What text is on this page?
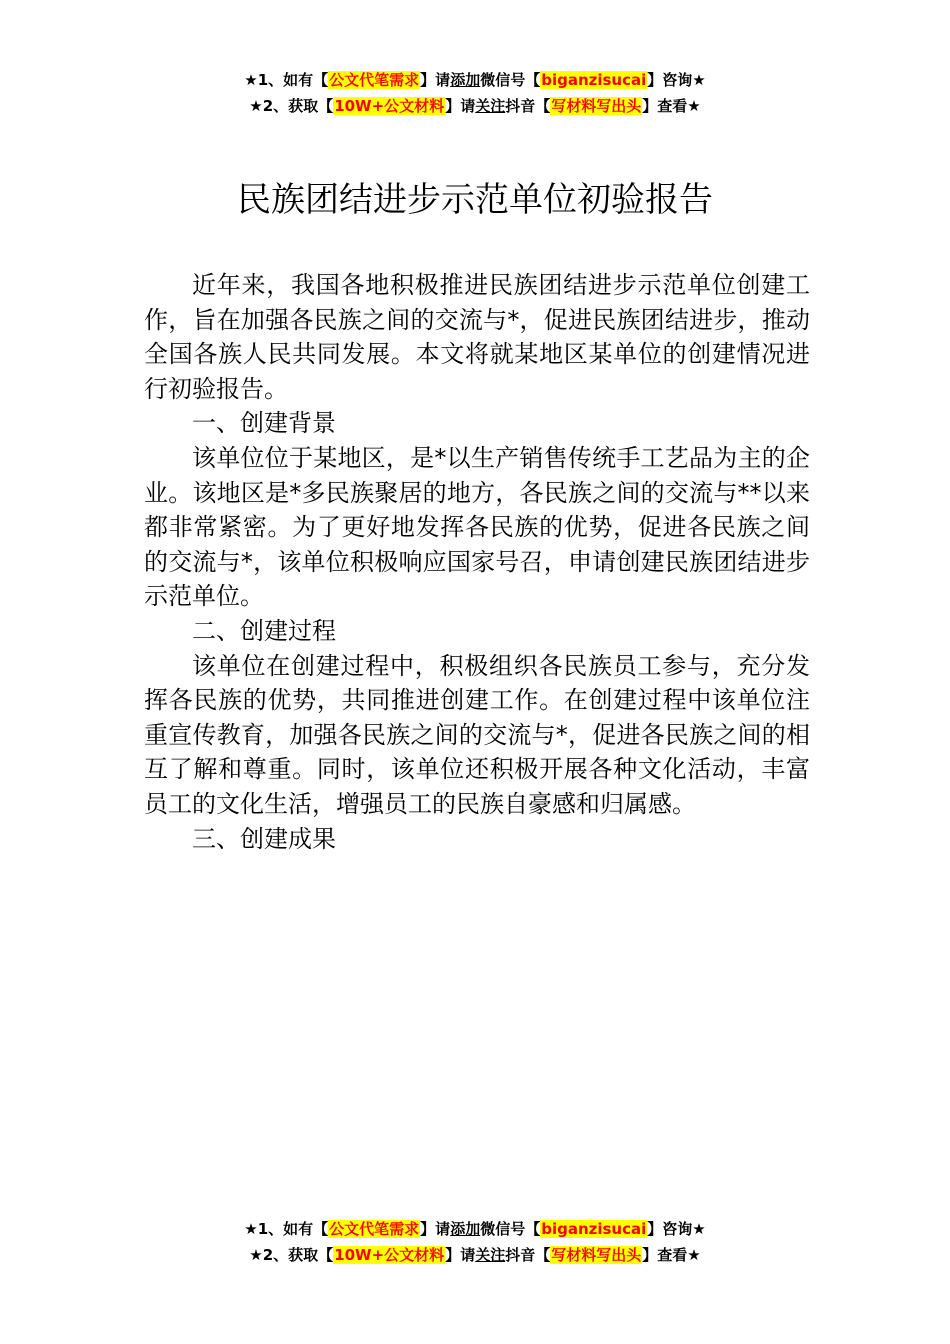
★1、如有【公文代笔需求】请添加微信号【biganzisucai】咨询★
★2、获取【10W+公文材料】请关注抖音【写材料写出头】查看★
民族团结进步示范单位初验报告

近年来，我国各地积极推进民族团结进步示范单位创建工作，旨在加强各民族之间的交流与*，促进民族团结进步，推动全国各族人民共同发展。本文将就某地区某单位的创建情况进行初验报告。

一、创建背景

该单位位于某地区，是*以生产销售传统手工艺品为主的企业。该地区是*多民族聚居的地方，各民族之间的交流与**以来都非常紧密。为了更好地发挥各民族的优势，促进各民族之间的交流与*，该单位积极响应国家号召，申请创建民族团结进步示范单位。

二、创建过程

该单位在创建过程中，积极组织各民族员工参与，充分发挥各民族的优势，共同推进创建工作。在创建过程中该单位注重宣传教育，加强各民族之间的交流与*，促进各民族之间的相互了解和尊重。同时，该单位还积极开展各种文化活动，丰富员工的文化生活，增强员工的民族自豪感和归属感。

三、创建成果

★1、如有【公文代笔需求】请添加微信号【biganzisucai】咨询★
★2、获取【10W+公文材料】请关注抖音【写材料写出头】查看★
